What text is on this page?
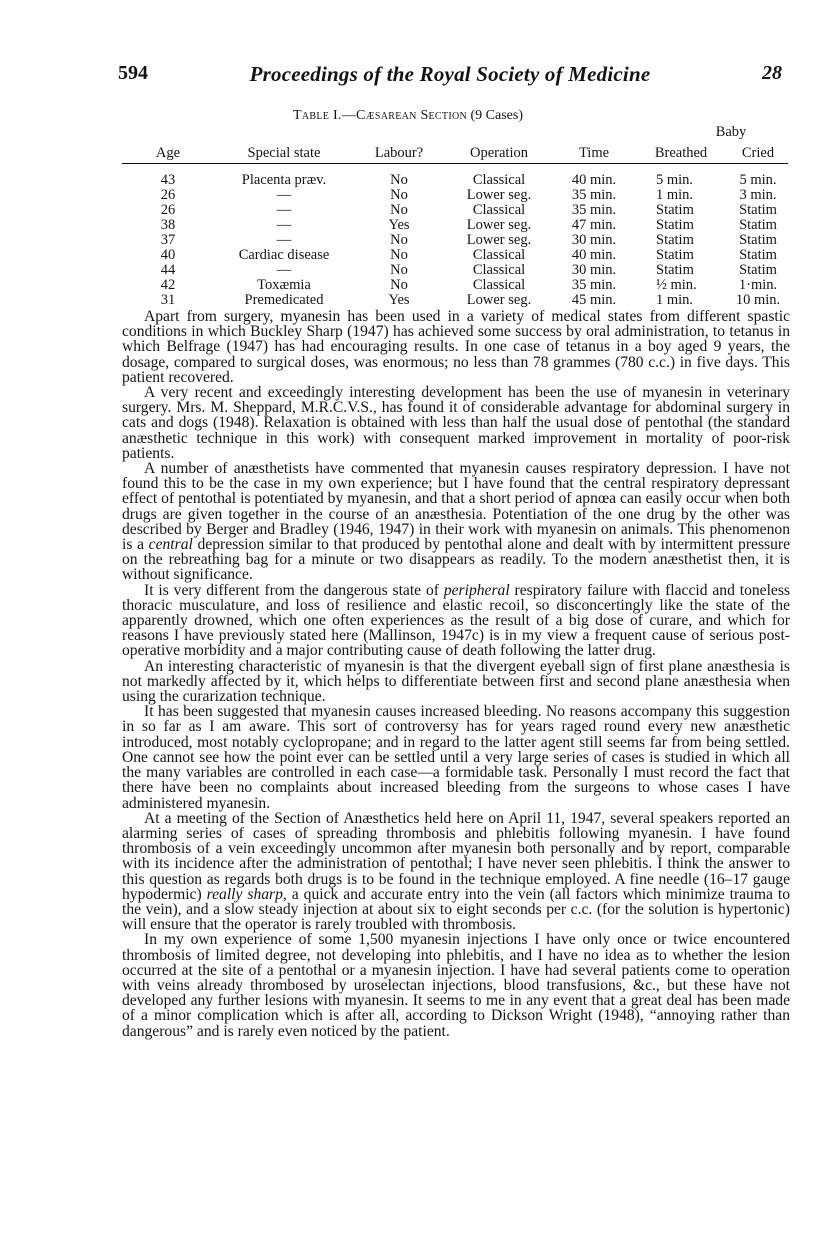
594	Proceedings of the Royal Society of Medicine	28
Table I.—Cæsarean Section (9 Cases)
					Baby	
Age	Special state	Labour?	Operation	Time	Breathed	Cried
43	Placenta præv.	No	Classical	40 min.	5 min.	5 min.
26	—	No	Lower seg.	35 min.	1 min.	3 min.
26	—	No	Classical	35 min.	Statim	Statim
38	—	Yes	Lower seg.	47 min.	Statim	Statim
37	—	No	Lower seg.	30 min.	Statim	Statim
40	Cardiac disease	No	Classical	40 min.	Statim	Statim
44	—	No	Classical	30 min.	Statim	Statim
42	Toxæmia	No	Classical	35 min.	½ min.	1·min.
31	Premedicated	Yes	Lower seg.	45 min.	1 min.	10 min.

Apart from surgery, myanesin has been used in a variety of medical states from different spastic conditions in which Buckley Sharp (1947) has achieved some success by oral administration, to tetanus in which Belfrage (1947) has had encouraging results. In one case of tetanus in a boy aged 9 years, the dosage, compared to surgical doses, was enormous; no less than 78 grammes (780 c.c.) in five days. This patient recovered.

A very recent and exceedingly interesting development has been the use of myanesin in veterinary surgery. Mrs. M. Sheppard, M.R.C.V.S., has found it of considerable advantage for abdominal surgery in cats and dogs (1948). Relaxation is obtained with less than half the usual dose of pentothal (the standard anæsthetic technique in this work) with consequent marked improvement in mortality of poor-risk patients.

A number of anæsthetists have commented that myanesin causes respiratory depression. I have not found this to be the case in my own experience; but I have found that the central respiratory depressant effect of pentothal is potentiated by myanesin, and that a short period of apnœa can easily occur when both drugs are given together in the course of an anæsthesia. Potentiation of the one drug by the other was described by Berger and Bradley (1946, 1947) in their work with myanesin on animals. This phenomenon is a central depression similar to that produced by pentothal alone and dealt with by intermittent pressure on the rebreathing bag for a minute or two disappears as readily. To the modern anæsthetist then, it is without significance.

It is very different from the dangerous state of peripheral respiratory failure with flaccid and toneless thoracic musculature, and loss of resilience and elastic recoil, so disconcertingly like the state of the apparently drowned, which one often experiences as the result of a big dose of curare, and which for reasons I have previously stated here (Mallinson, 1947c) is in my view a frequent cause of serious post-operative morbidity and a major contributing cause of death following the latter drug.

An interesting characteristic of myanesin is that the divergent eyeball sign of first plane anæsthesia is not markedly affected by it, which helps to differentiate between first and second plane anæsthesia when using the curarization technique.

It has been suggested that myanesin causes increased bleeding. No reasons accompany this suggestion in so far as I am aware. This sort of controversy has for years raged round every new anæsthetic introduced, most notably cyclopropane; and in regard to the latter agent still seems far from being settled. One cannot see how the point ever can be settled until a very large series of cases is studied in which all the many variables are controlled in each case—a formidable task. Personally I must record the fact that there have been no complaints about increased bleeding from the surgeons to whose cases I have administered myanesin.

At a meeting of the Section of Anæsthetics held here on April 11, 1947, several speakers reported an alarming series of cases of spreading thrombosis and phlebitis following myanesin. I have found thrombosis of a vein exceedingly uncommon after myanesin both personally and by report, comparable with its incidence after the administration of pentothal; I have never seen phlebitis. I think the answer to this question as regards both drugs is to be found in the technique employed. A fine needle (16–17 gauge hypodermic) really sharp, a quick and accurate entry into the vein (all factors which minimize trauma to the vein), and a slow steady injection at about six to eight seconds per c.c. (for the solution is hypertonic) will ensure that the operator is rarely troubled with thrombosis.

In my own experience of some 1,500 myanesin injections I have only once or twice encountered thrombosis of limited degree, not developing into phlebitis, and I have no idea as to whether the lesion occurred at the site of a pentothal or a myanesin injection. I have had several patients come to operation with veins already thrombosed by uroselectan injections, blood transfusions, &c., but these have not developed any further lesions with myanesin. It seems to me in any event that a great deal has been made of a minor complication which is after all, according to Dickson Wright (1948), “annoying rather than dangerous” and is rarely even noticed by the patient.
